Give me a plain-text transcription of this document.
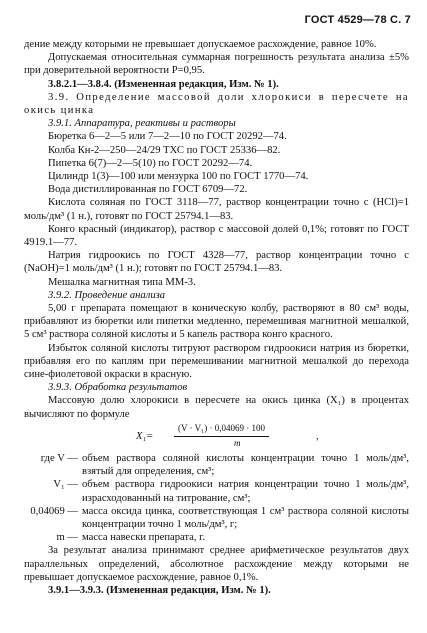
ГОСТ 4529—78 С. 7

дение между которыми не превышает допускаемое расхождение, равное 10%.

Допускаемая относительная суммарная погрешность результата анализа ±5% при доверительной вероятности P=0,95.

3.8.2.1—3.8.4. (Измененная редакция, Изм. № 1).

3.9. Определение массовой доли хлорокиси в пересчете на окись цинка

3.9.1. Аппаратура, реактивы и растворы

Бюретка 6—2—5 или 7—2—10 по ГОСТ 20292—74.

Колба Кн-2—250—24/29 ТХС по ГОСТ 25336—82.

Пипетка 6(7)—2—5(10) по ГОСТ 20292—74.

Цилиндр 1(3)—100 или мензурка 100 по ГОСТ 1770—74.

Вода дистиллированная по ГОСТ 6709—72.

Кислота соляная по ГОСТ 3118—77, раствор концентрации точно с (HCl)=1 моль/дм³ (1 н.), готовят по ГОСТ 25794.1—83.

Конго красный (индикатор), раствор с массовой долей 0,1%; готовят по ГОСТ 4919.1—77.

Натрия гидроокись по ГОСТ 4328—77, раствор концентрации точно с (NaOH)=1 моль/дм³ (1 н.); готовят по ГОСТ 25794.1—83.

Мешалка магнитная типа ММ-3.

3.9.2. Проведение анализа

5,00 г препарата помещают в коническую колбу, растворяют в 80 см³ воды, прибавляют из бюретки или пипетки медленно, перемешивая магнитной мешалкой, 5 см³ раствора соляной кислоты и 5 капель раствора конго красного.

Избыток соляной кислоты титруют раствором гидроокиси натрия из бюретки, прибавляя его по каплям при перемешивании магнитной мешалкой до перехода сине-фиолетовой окраски в красную.

3.9.3. Обработка результатов

Массовую долю хлорокиси в пересчете на окись цинка (X₁) в процентах вычисляют по формуле

X₁=
(V · V₁) · 0,04069 · 100
m
,
где V — объем раствора соляной кислоты концентрации точно 1 моль/дм³, взятый для определения, см³;
V₁ — объем раствора гидроокиси натрия концентрации точно 1 моль/дм³, израсходованный на титрование, см³;
0,04069 — масса оксида цинка, соответствующая 1 см³ раствора соляной кислоты концентрации точно 1 моль/дм³, г;
m — масса навески препарата, г.

За результат анализа принимают среднее арифметическое результатов двух параллельных определений, абсолютное расхождение между которыми не превышает допускаемое расхождение, равное 0,1%.

3.9.1—3.9.3. (Измененная редакция, Изм. № 1).
